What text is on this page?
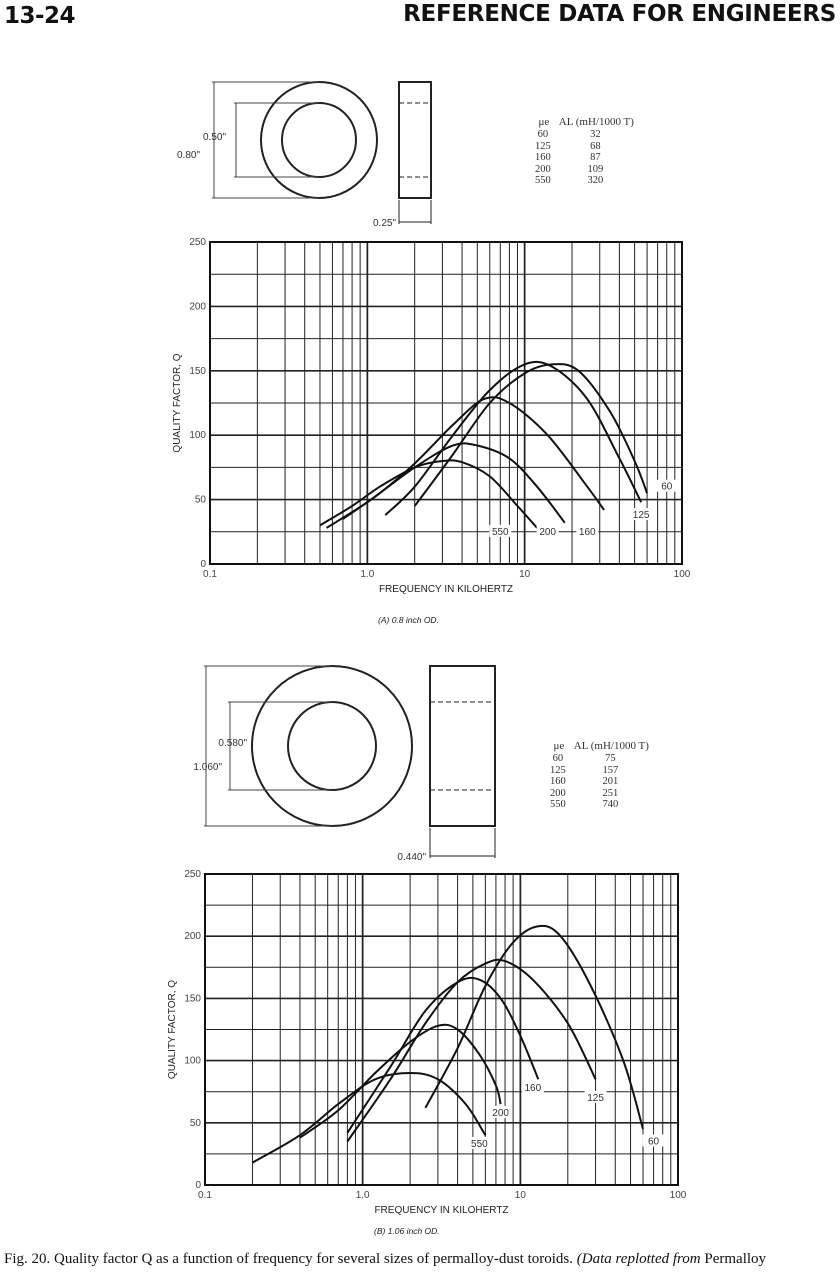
13-24	REFERENCE DATA FOR ENGINEERS
0.50"
0.80"
0.25"
0
50
100
150
200
250
0.1	1.0	10	100
FREQUENCY IN KILOHERTZ
QUALITY FACTOR, Q
550	200 160
125
60
μe	AL (mH/1000 T)
60	32
125	68
160	87
200	109
550	320
(A) 0.8 inch OD.
0.580"
1.060"
0.440"
0
50
100
150
200
250
0.1	1.0	10	100
FREQUENCY IN KILOHERTZ
QUALITY FACTOR, Q
550
200
160
125
60
μe	AL (mH/1000 T)
60	75
125	157
160	201
200	251
550	740
(B) 1.06 inch OD.
Fig. 20. Quality factor Q as a function of frequency for several sizes of permalloy-dust toroids. (Data replotted from Permalloy
